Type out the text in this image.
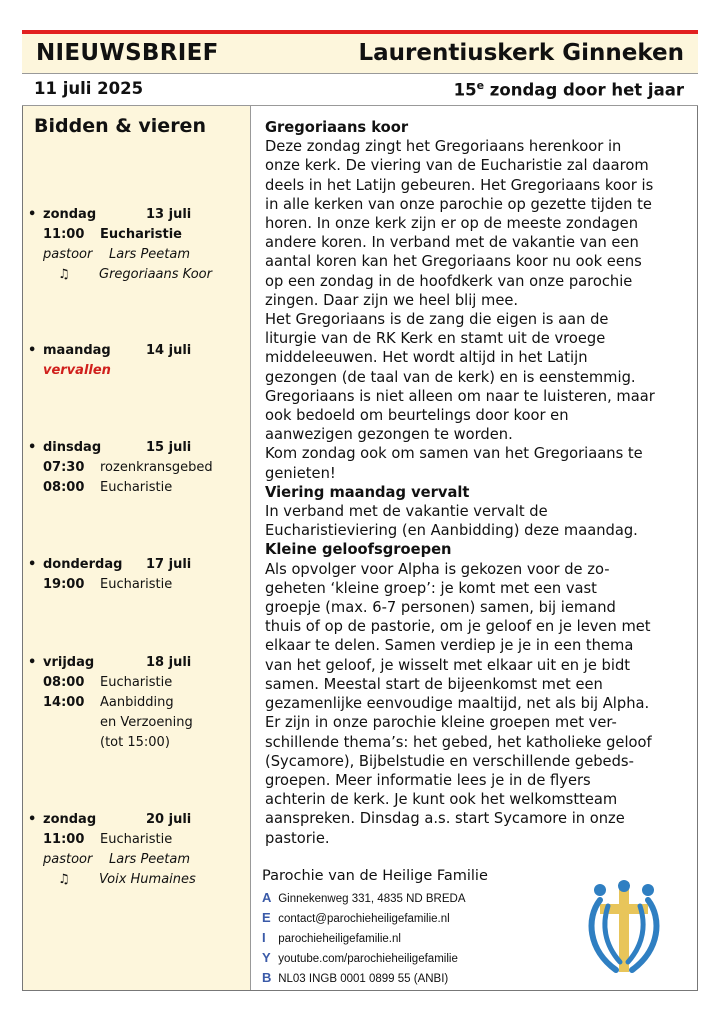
NIEUWSBRIEF	Laurentiuskerk Ginneken
11 juli 2025	15e zondag door het jaar
Bidden & vieren
• zondag	13 juli
11:00 Eucharistie
pastoor Lars Peetam
♫ Gregoriaans Koor
• maandag	14 juli
vervallen
• dinsdag	15 juli
07:30 rozenkransgebed
08:00 Eucharistie
• donderdag 17 juli
19:00 Eucharistie
• vrijdag	18 juli
08:00 Eucharistie
14:00 Aanbidding
en Verzoening
(tot 15:00)
• zondag	20 juli
11:00 Eucharistie
pastoor Lars Peetam
♫ Voix Humaines
Gregoriaans koor

Deze zondag zingt het Gregoriaans herenkoor in

onze kerk. De viering van de Eucharistie zal daarom

deels in het Latijn gebeuren. Het Gregoriaans koor is

in alle kerken van onze parochie op gezette tijden te

horen. In onze kerk zijn er op de meeste zondagen

andere koren. In verband met de vakantie van een

aantal koren kan het Gregoriaans koor nu ook eens

op een zondag in de hoofdkerk van onze parochie

zingen. Daar zijn we heel blij mee.

Het Gregoriaans is de zang die eigen is aan de

liturgie van de RK Kerk en stamt uit de vroege

middeleeuwen. Het wordt altijd in het Latijn

gezongen (de taal van de kerk) en is eenstemmig.

Gregoriaans is niet alleen om naar te luisteren, maar

ook bedoeld om beurtelings door koor en

aanwezigen gezongen te worden.

Kom zondag ook om samen van het Gregoriaans te

genieten!

Viering maandag vervalt

In verband met de vakantie vervalt de

Eucharistieviering (en Aanbidding) deze maandag.

Kleine geloofsgroepen

Als opvolger voor Alpha is gekozen voor de zo-

geheten ‘kleine groep’: je komt met een vast

groepje (max. 6-7 personen) samen, bij iemand

thuis of op de pastorie, om je geloof en je leven met

elkaar te delen. Samen verdiep je je in een thema

van het geloof, je wisselt met elkaar uit en je bidt

samen. Meestal start de bijeenkomst met een

gezamenlijke eenvoudige maaltijd, net als bij Alpha.

Er zijn in onze parochie kleine groepen met ver-

schillende thema’s: het gebed, het katholieke geloof

(Sycamore), Bijbelstudie en verschillende gebeds-

groepen. Meer informatie lees je in de flyers

achterin de kerk. Je kunt ook het welkomstteam

aanspreken. Dinsdag a.s. start Sycamore in onze

pastorie.

Parochie van de Heilige Familie
A Ginnekenweg 331, 4835 ND BREDA
E contact@parochieheiligefamilie.nl
I parochieheiligefamilie.nl
Y youtube.com/parochieheiligefamilie
B NL03 INGB 0001 0899 55 (ANBI)
